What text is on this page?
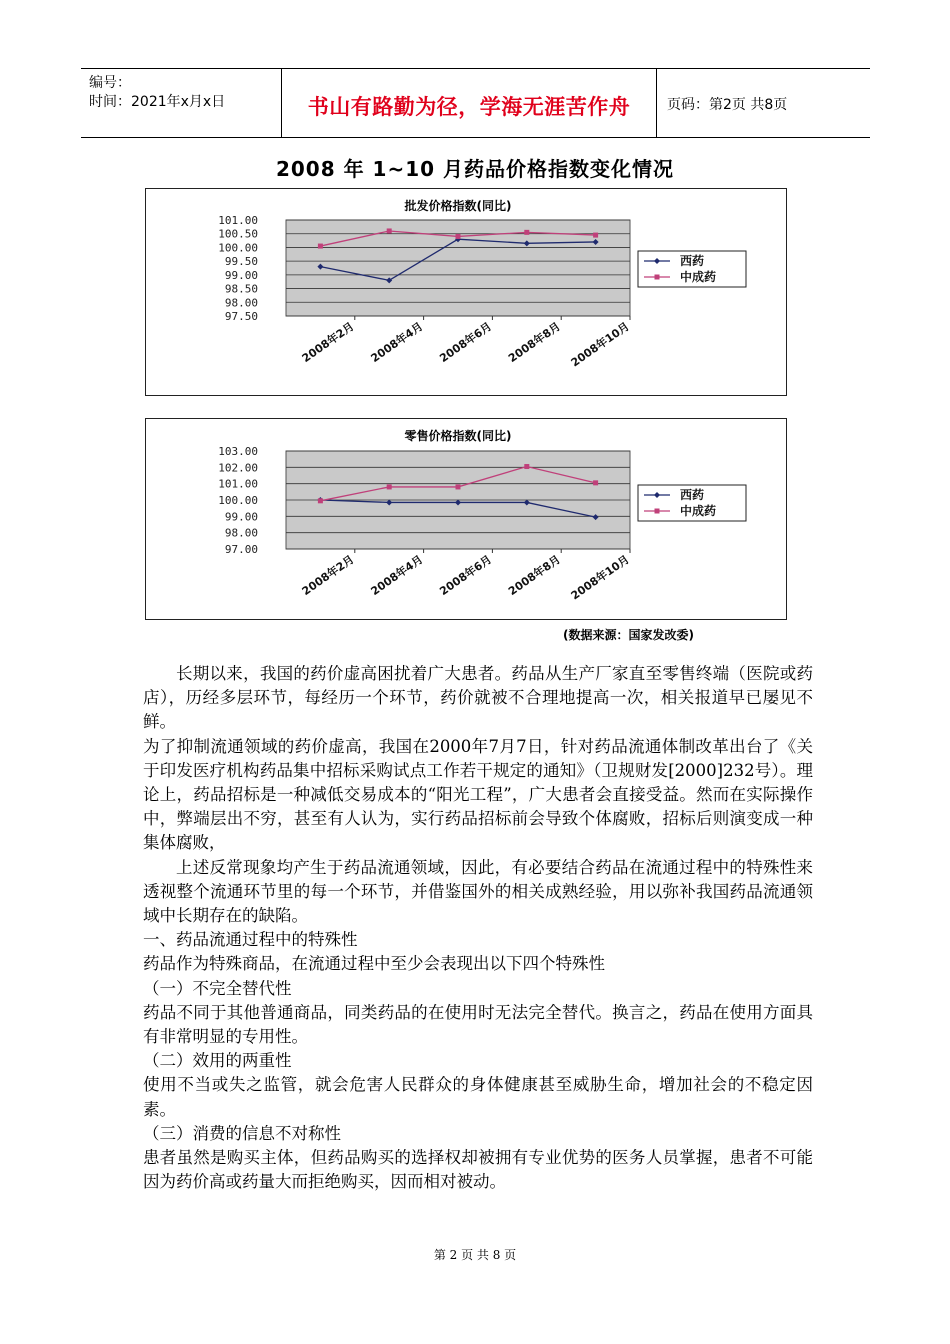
编号：
时间：2021年x月x日	书山有路勤为径，学海无涯苦作舟	页码：第2页 共8页
2008 年 1~10 月药品价格指数变化情况
批发价格指数(同比)
101.00
100.50
100.00
99.50
99.00
98.50
98.00
97.50
2008年2月 2008年4月 2008年6月 2008年8月 2008年10月
西药
中成药
零售价格指数(同比)
103.00
102.00
101.00
100.00
99.00
98.00
97.00
2008年2月 2008年4月 2008年6月 2008年8月 2008年10月
西药
中成药
(数据来源：国家发改委)

长期以来，我国的药价虚高困扰着广大患者。药品从生产厂家直至零售终端（医院或药店），历经多层环节，每经历一个环节，药价就被不合理地提高一次，相关报道早已屡见不鲜。

为了抑制流通领域的药价虚高，我国在2000年7月7日，针对药品流通体制改革出台了《关于印发医疗机构药品集中招标采购试点工作若干规定的通知》（卫规财发[2000]232号）。理论上，药品招标是一种减低交易成本的“阳光工程”，广大患者会直接受益。然而在实际操作中，弊端层出不穷，甚至有人认为，实行药品招标前会导致个体腐败，招标后则演变成一种集体腐败，

上述反常现象均产生于药品流通领域，因此，有必要结合药品在流通过程中的特殊性来透视整个流通环节里的每一个环节，并借鉴国外的相关成熟经验，用以弥补我国药品流通领域中长期存在的缺陷。

一、药品流通过程中的特殊性

药品作为特殊商品，在流通过程中至少会表现出以下四个特殊性

（一）不完全替代性

药品不同于其他普通商品，同类药品的在使用时无法完全替代。换言之，药品在使用方面具有非常明显的专用性。

（二）效用的两重性

使用不当或失之监管，就会危害人民群众的身体健康甚至威胁生命，增加社会的不稳定因素。

（三）消费的信息不对称性

患者虽然是购买主体，但药品购买的选择权却被拥有专业优势的医务人员掌握，患者不可能因为药价高或药量大而拒绝购买，因而相对被动。

第 2 页 共 8 页
